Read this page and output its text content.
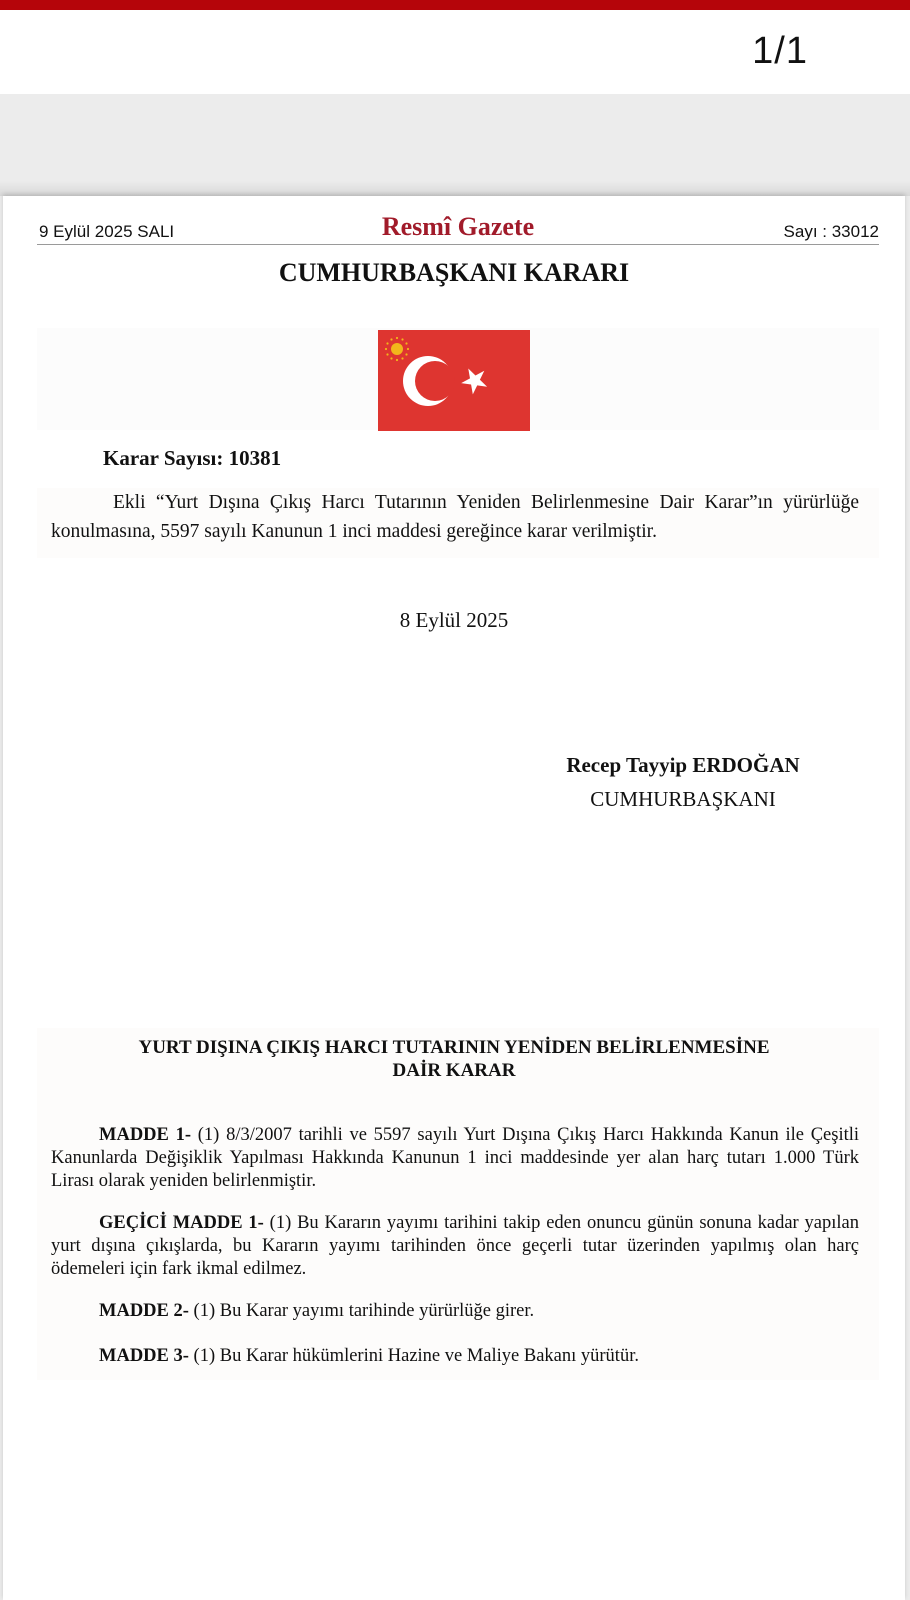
1/1
9 Eylül 2025 SALI	Resmî Gazete	Sayı : 33012
CUMHURBAŞKANI KARARI
Karar Sayısı: 10381
Ekli “Yurt Dışına Çıkış Harcı Tutarının Yeniden Belirlenmesine Dair Karar”ın yürürlüğe konulmasına, 5597 sayılı Kanunun 1 inci maddesi gereğince karar verilmiştir.
8 Eylül 2025
Recep Tayyip ERDOĞAN
CUMHURBAŞKANI
YURT DIŞINA ÇIKIŞ HARCI TUTARININ YENİDEN BELİRLENMESİNE
DAİR KARAR
MADDE 1- (1) 8/3/2007 tarihli ve 5597 sayılı Yurt Dışına Çıkış Harcı Hakkında Kanun ile Çeşitli Kanunlarda Değişiklik Yapılması Hakkında Kanunun 1 inci maddesinde yer alan harç tutarı 1.000 Türk Lirası olarak yeniden belirlenmiştir.
GEÇİCİ MADDE 1- (1) Bu Kararın yayımı tarihini takip eden onuncu günün sonuna kadar yapılan yurt dışına çıkışlarda, bu Kararın yayımı tarihinden önce geçerli tutar üzerinden yapılmış olan harç ödemeleri için fark ikmal edilmez.
MADDE 2- (1) Bu Karar yayımı tarihinde yürürlüğe girer.
MADDE 3- (1) Bu Karar hükümlerini Hazine ve Maliye Bakanı yürütür.
